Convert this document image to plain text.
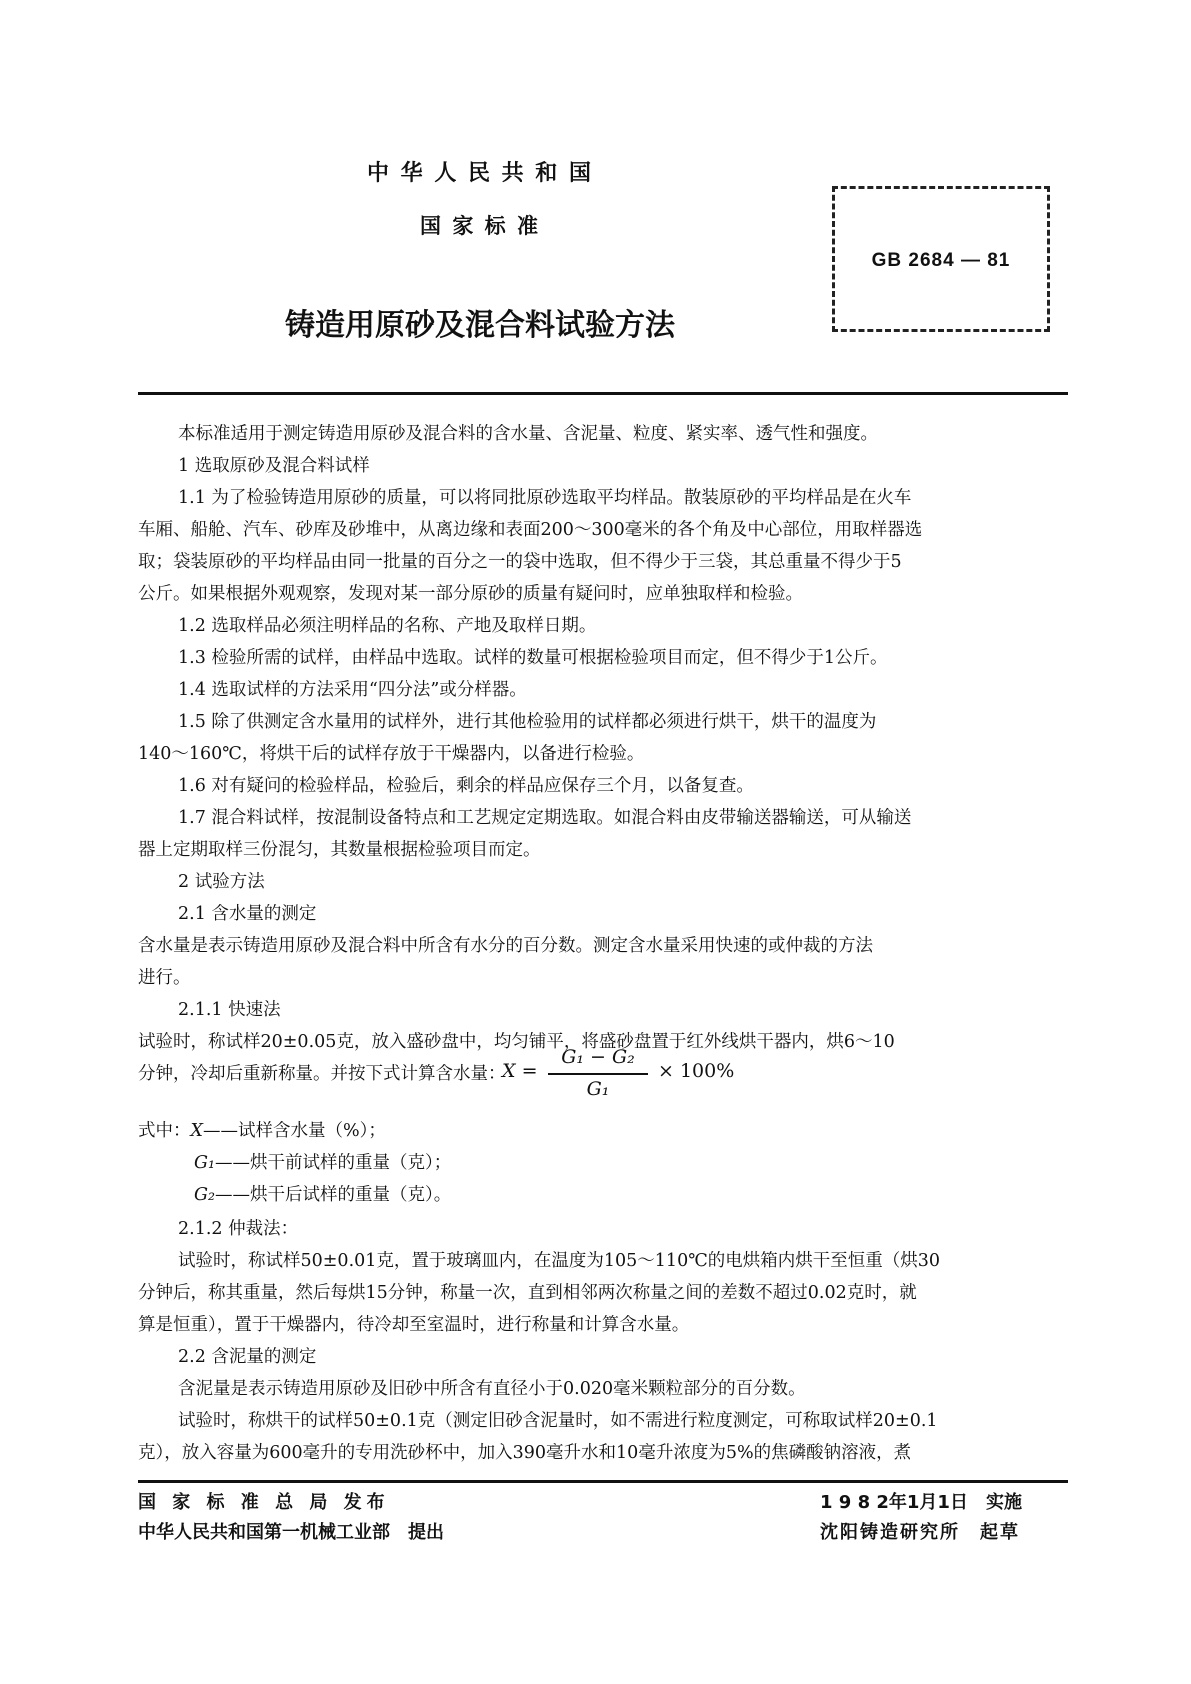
中 华 人 民 共 和 国
国 家 标 准
铸造用原砂及混合料试验方法
GB 2684 — 81
本标准适用于测定铸造用原砂及混合料的含水量、含泥量、粒度、紧实率、透气性和强度。
1 选取原砂及混合料试样
1.1 为了检验铸造用原砂的质量，可以将同批原砂选取平均样品。散装原砂的平均样品是在火车
车厢、船舱、汽车、砂库及砂堆中，从离边缘和表面200～300毫米的各个角及中心部位，用取样器选
取；袋装原砂的平均样品由同一批量的百分之一的袋中选取，但不得少于三袋，其总重量不得少于5
公斤。如果根据外观观察，发现对某一部分原砂的质量有疑问时，应单独取样和检验。
1.2 选取样品必须注明样品的名称、产地及取样日期。
1.3 检验所需的试样，由样品中选取。试样的数量可根据检验项目而定，但不得少于1公斤。
1.4 选取试样的方法采用“四分法”或分样器。
1.5 除了供测定含水量用的试样外，进行其他检验用的试样都必须进行烘干，烘干的温度为
140～160℃，将烘干后的试样存放于干燥器内，以备进行检验。
1.6 对有疑问的检验样品，检验后，剩余的样品应保存三个月，以备复查。
1.7 混合料试样，按混制设备特点和工艺规定定期选取。如混合料由皮带输送器输送，可从输送
器上定期取样三份混匀，其数量根据检验项目而定。
2 试验方法
2.1 含水量的测定
含水量是表示铸造用原砂及混合料中所含有水分的百分数。测定含水量采用快速的或仲裁的方法
进行。
2.1.1 快速法
试验时，称试样20±0.05克，放入盛砂盘中，均匀铺平，将盛砂盘置于红外线烘干器内，烘6～10
分钟，冷却后重新称量。并按下式计算含水量：
X =
G₁ − G₂
G₁
× 100%
式中：X——试样含水量（%）；
G₁——烘干前试样的重量（克）；
G₂——烘干后试样的重量（克）。
2.1.2 仲裁法：
试验时，称试样50±0.01克，置于玻璃皿内，在温度为105～110℃的电烘箱内烘干至恒重（烘30
分钟后，称其重量，然后每烘15分钟，称量一次，直到相邻两次称量之间的差数不超过0.02克时，就
算是恒重），置于干燥器内，待冷却至室温时，进行称量和计算含水量。
2.2 含泥量的测定
含泥量是表示铸造用原砂及旧砂中所含有直径小于0.020毫米颗粒部分的百分数。
试验时，称烘干的试样50±0.1克（测定旧砂含泥量时，如不需进行粒度测定，可称取试样20±0.1
克），放入容量为600毫升的专用洗砂杯中，加入390毫升水和10毫升浓度为5%的焦磷酸钠溶液，煮
国 家 标 准 总 局 发布
中华人民共和国第一机械工业部　提出
1 9 8 2年1月1日　实施
沈阳铸造研究所　起草
